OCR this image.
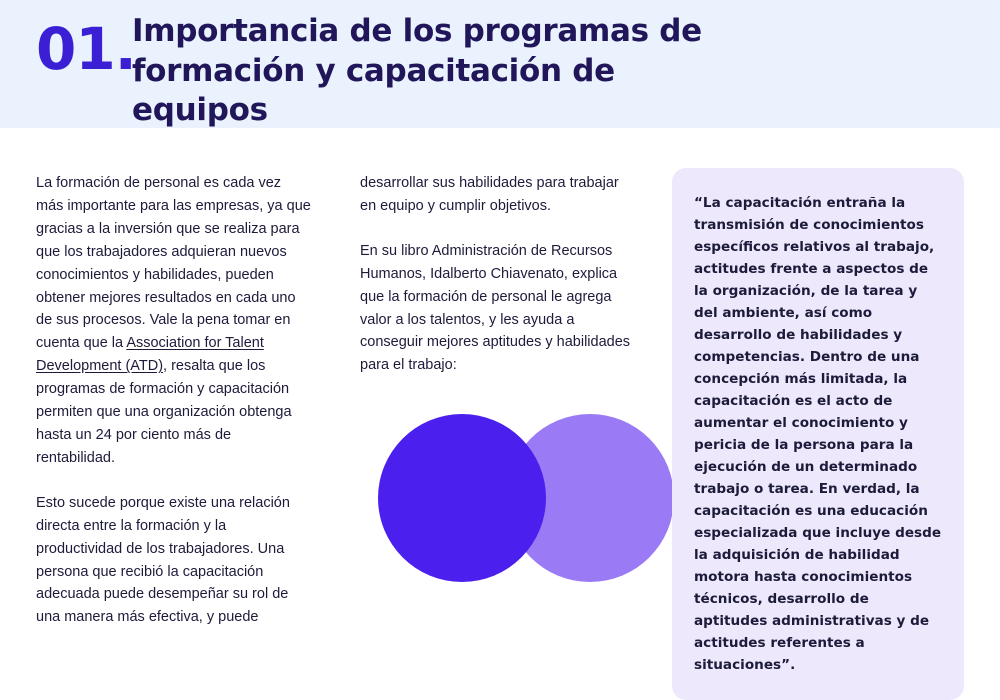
01.
Importancia de los programas de
formación y capacitación de equipos

La formación de personal es cada vez más importante para las empresas, ya que gracias a la inversión que se realiza para que los trabajadores adquieran nuevos conocimientos y habilidades, pueden obtener mejores resultados en cada uno de sus procesos. Vale la pena tomar en cuenta que la Association for Talent Development (ATD), resalta que los programas de formación y capacitación permiten que una organización obtenga hasta un 24 por ciento más de rentabilidad.

Esto sucede porque existe una relación directa entre la formación y la productividad de los trabajadores. Una persona que recibió la capacitación adecuada puede desempeñar su rol de una manera más efectiva, y puede

desarrollar sus habilidades para trabajar en equipo y cumplir objetivos.

En su libro Administración de Recursos Humanos, Idalberto Chiavenato, explica que la formación de personal le agrega valor a los talentos, y les ayuda a conseguir mejores aptitudes y habilidades para el trabajo:

“La capacitación entraña la transmisión de conocimientos específicos relativos al trabajo, actitudes frente a aspectos de la organización, de la tarea y del ambiente, así como desarrollo de habilidades y competencias. Dentro de una concepción más limitada, la capacitación es el acto de aumentar el conocimiento y pericia de la persona para la ejecución de un determinado trabajo o tarea. En verdad, la capacitación es una educación especializada que incluye desde la adquisición de habilidad motora hasta conocimientos técnicos, desarrollo de aptitudes administrativas y de actitudes referentes a situaciones”.
